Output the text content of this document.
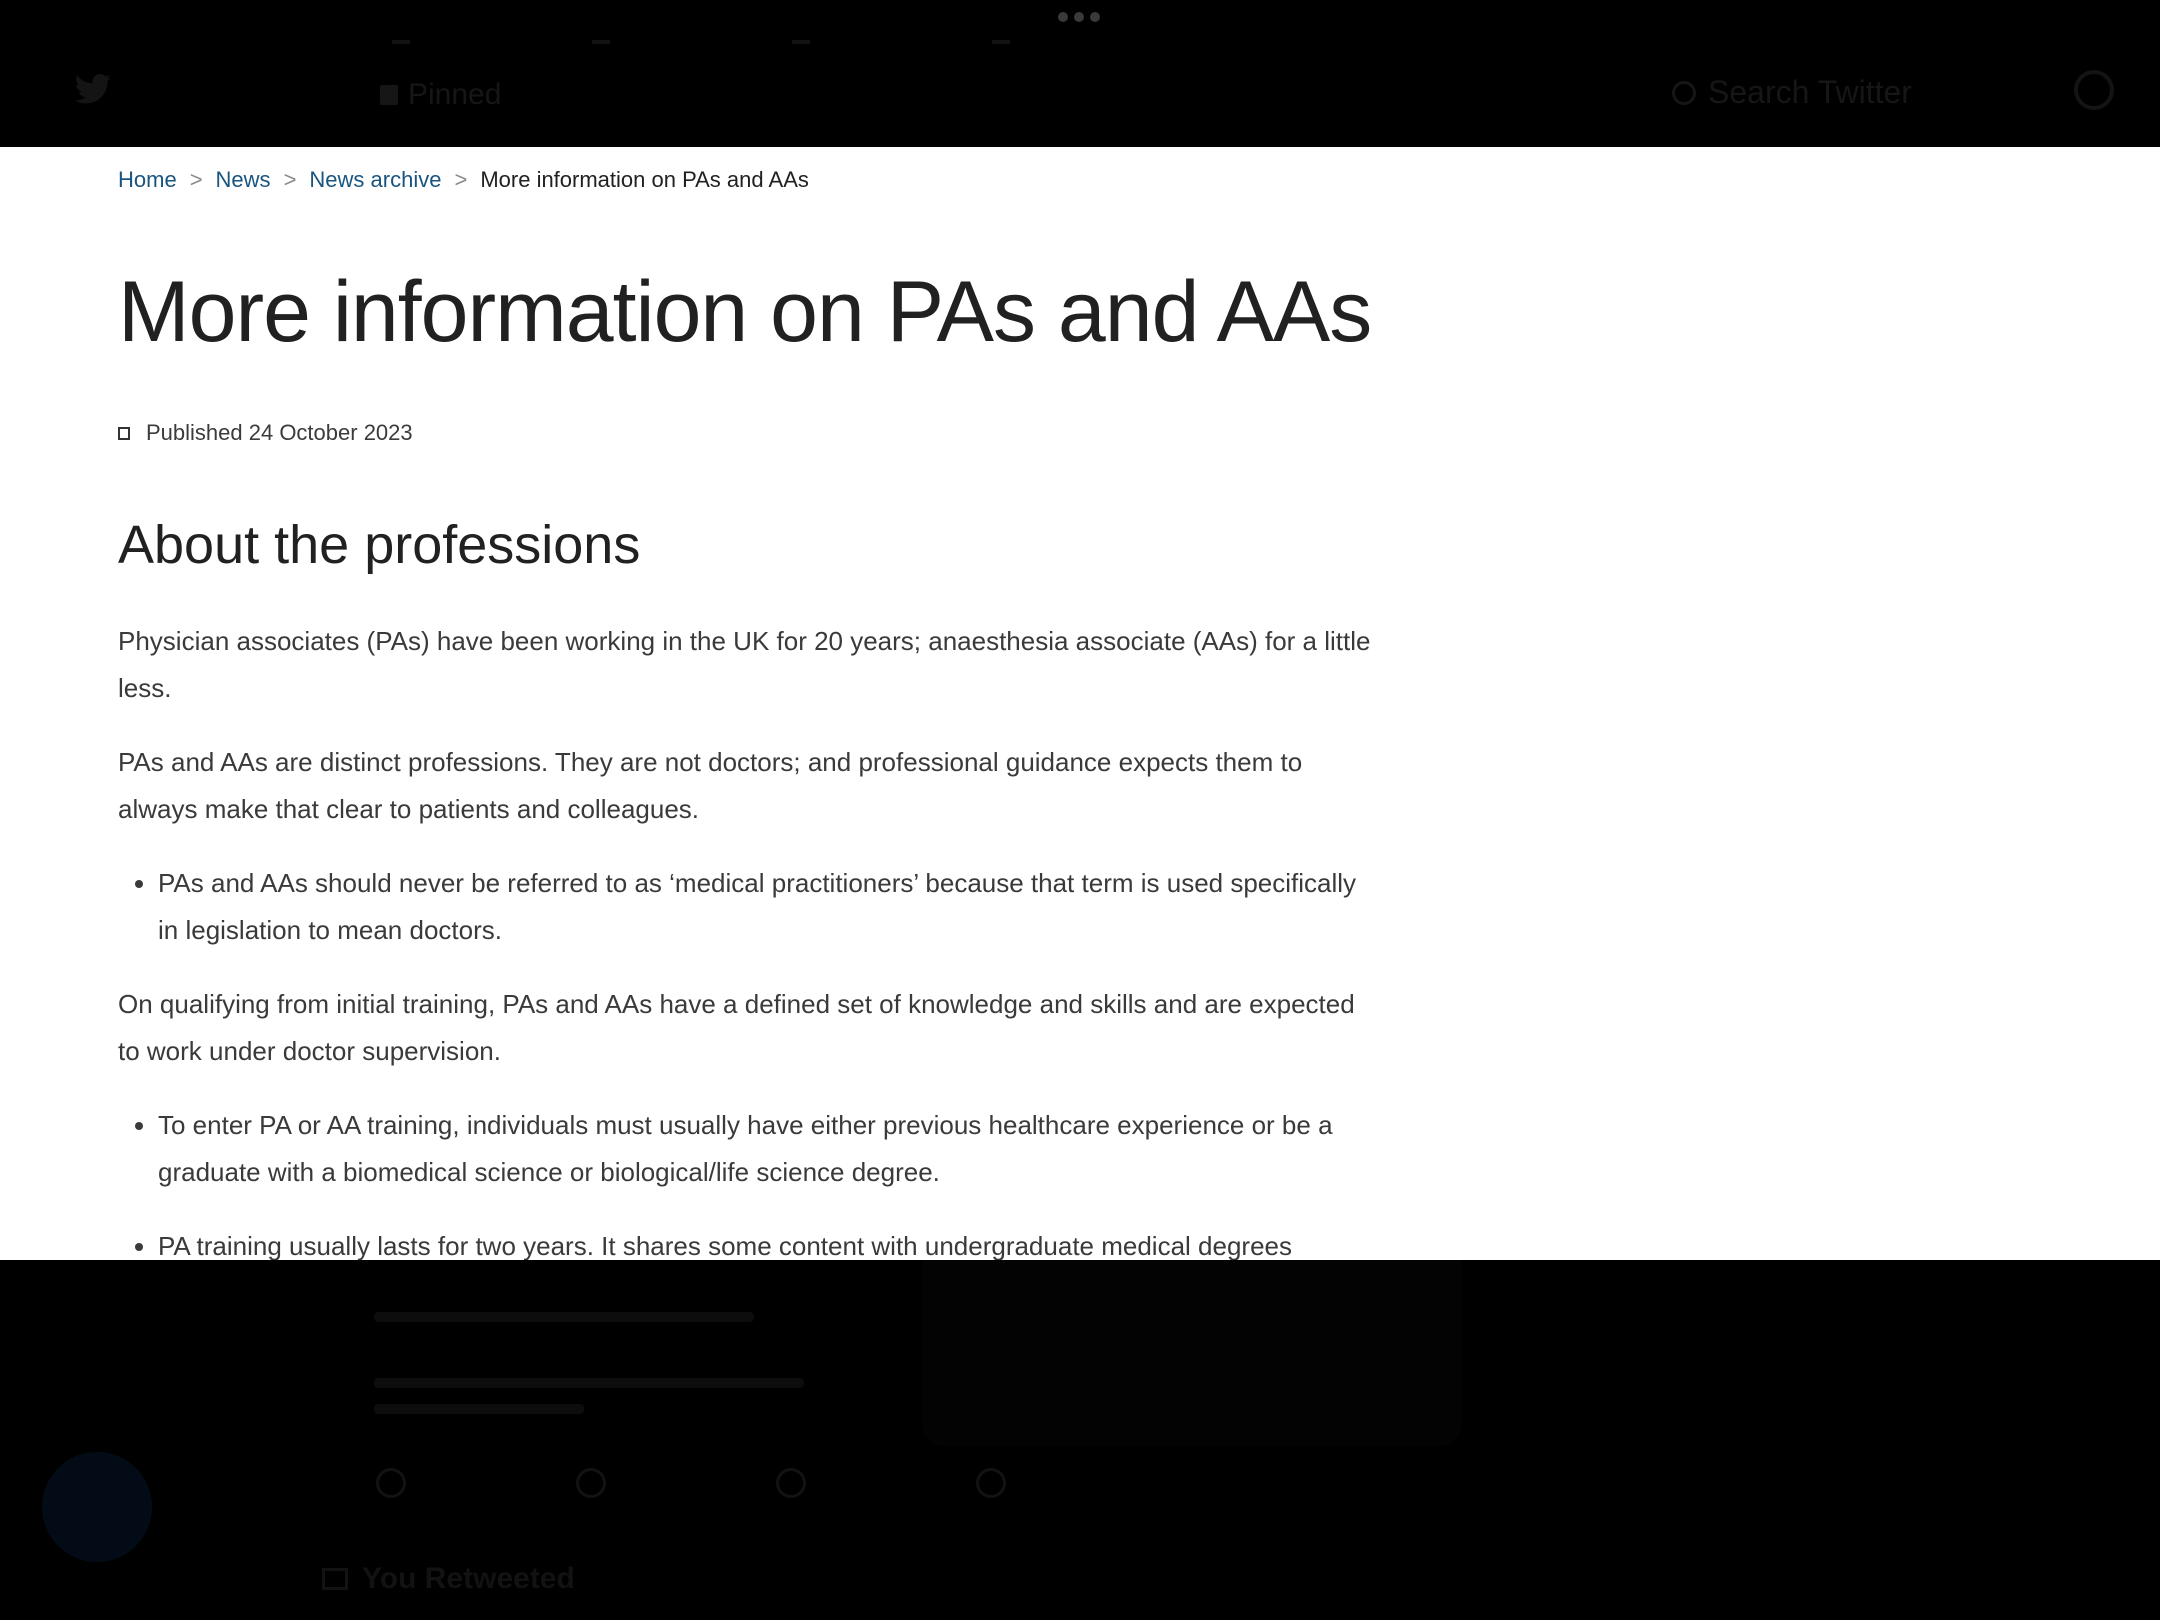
Pinned	Search Twitter
Home > News > News archive > More information on PAs and AAs
More information on PAs and AAs
Published 24 October 2023
About the professions

Physician associates (PAs) have been working in the UK for 20 years; anaesthesia associate (AAs) for a little less.

PAs and AAs are distinct professions. They are not doctors; and professional guidance expects them to always make that clear to patients and colleagues.

• PAs and AAs should never be referred to as ‘medical practitioners’ because that term is used specifically in legislation to mean doctors.

On qualifying from initial training, PAs and AAs have a defined set of knowledge and skills and are expected to work under doctor supervision.

• To enter PA or AA training, individuals must usually have either previous healthcare experience or be a graduate with a biomedical science or biological/life science degree.
• PA training usually lasts for two years. It shares some content with undergraduate medical degrees
You Retweeted
